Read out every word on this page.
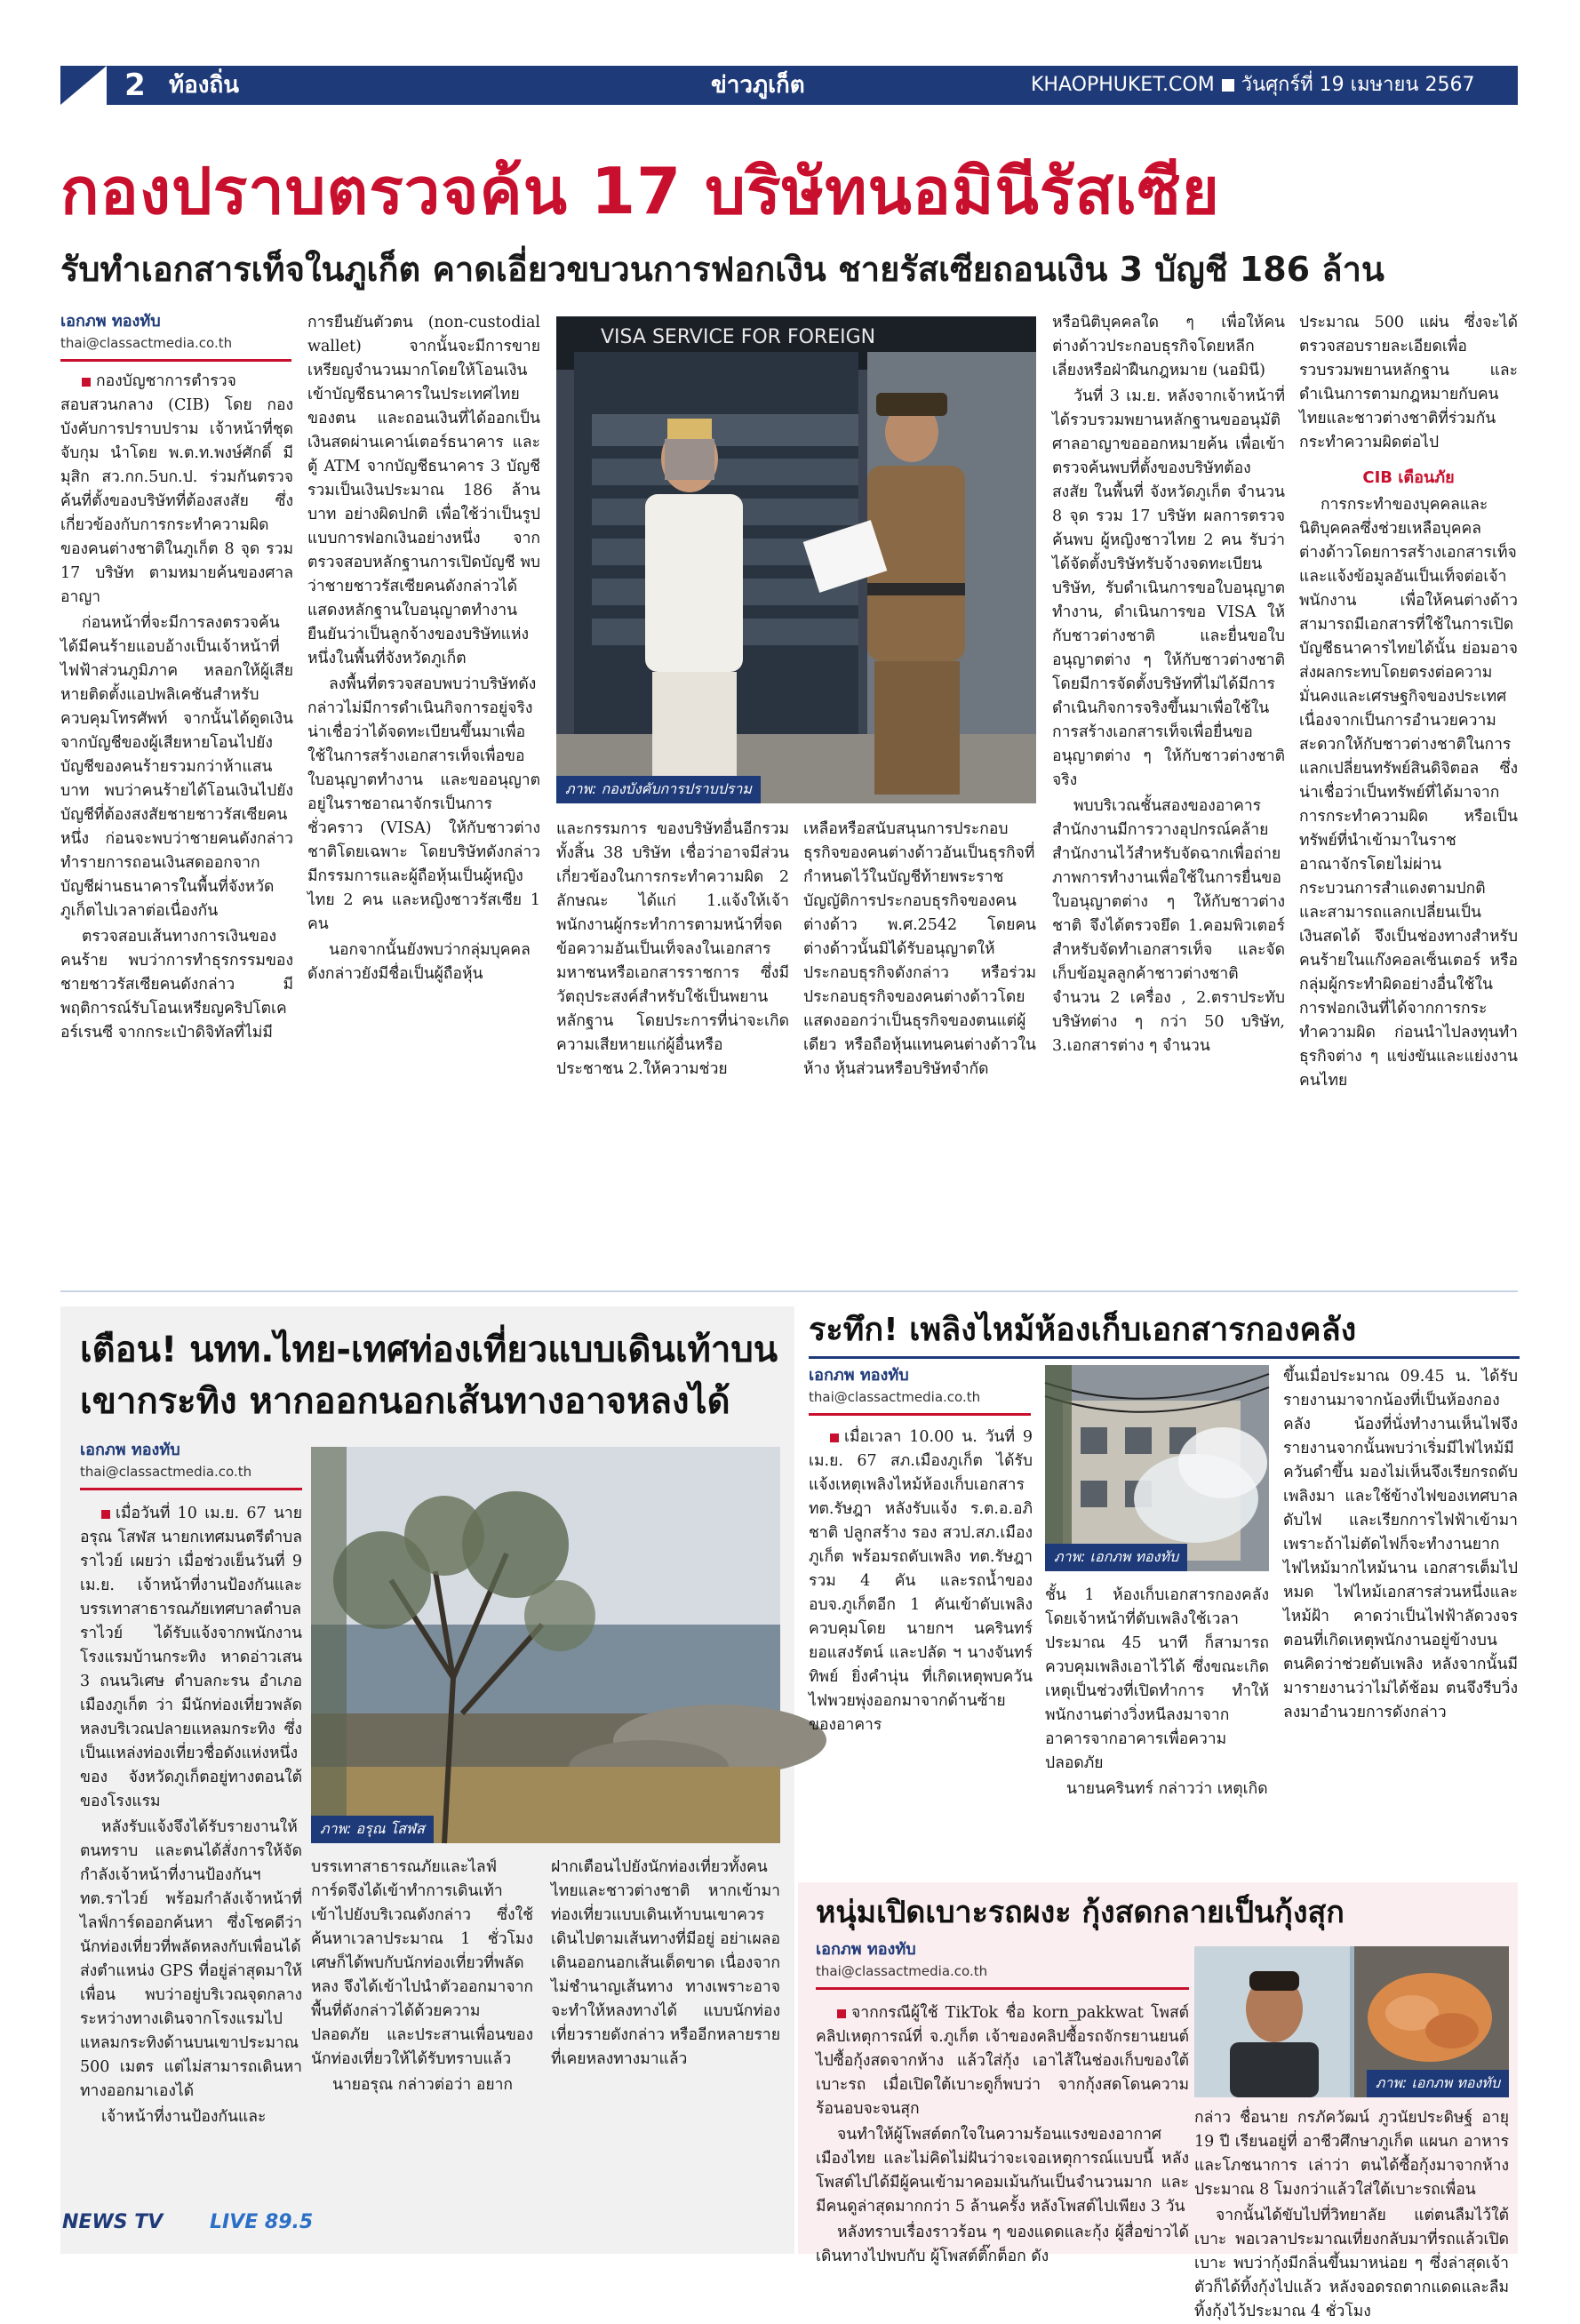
2	ท้องถิ่น	ข่าวภูเก็ต	KHAOPHUKET.COM วันศุกร์ที่ 19 เมษายน 2567
กองปราบตรวจค้น 17 บริษัทนอมินีรัสเซีย
รับทำเอกสารเท็จในภูเก็ต คาดเอี่ยวขบวนการฟอกเงิน ชายรัสเซียถอนเงิน 3 บัญชี 186 ล้าน
เอกภพ ทองทับ
thai@classactmedia.co.th

กองบัญชาการตำรวจสอบสวนกลาง (CIB) โดย กองบังคับการปราบปราม เจ้าหน้าที่ชุดจับกุม นำโดย พ.ต.ท.พงษ์ศักดิ์ มีมุสิก สว.กก.5บก.ป. ร่วมกันตรวจค้นที่ตั้งของบริษัทที่ต้องสงสัย ซึ่งเกี่ยวข้องกับการกระทำความผิดของคนต่างชาติในภูเก็ต 8 จุด รวม 17 บริษัท ตามหมายค้นของศาลอาญา

ก่อนหน้าที่จะมีการลงตรวจค้น ได้มีคนร้ายแอบอ้างเป็นเจ้าหน้าที่ไฟฟ้าส่วนภูมิภาค หลอกให้ผู้เสียหายติดตั้งแอปพลิเคชันสำหรับควบคุมโทรศัพท์ จากนั้นได้ดูดเงินจากบัญชีของผู้เสียหายโอนไปยังบัญชีของคนร้ายรวมกว่าห้าแสนบาท พบว่าคนร้ายได้โอนเงินไปยังบัญชีที่ต้องสงสัยชายชาวรัสเซียคนหนึ่ง ก่อนจะพบว่าชายคนดังกล่าวทำรายการถอนเงินสดออกจากบัญชีผ่านธนาคารในพื้นที่จังหวัดภูเก็ตไปเวลาต่อเนื่องกัน

ตรวจสอบเส้นทางการเงินของคนร้าย พบว่าการทำธุรกรรมของชายชาวรัสเซียคนดังกล่าว มีพฤติการณ์รับโอนเหรียญคริปโตเคอร์เรนซี จากกระเป๋าดิจิทัลที่ไม่มี

การยืนยันตัวตน (non-custodial wallet) จากนั้นจะมีการขายเหรียญจำนวนมากโดยให้โอนเงินเข้าบัญชีธนาคารในประเทศไทยของตน และถอนเงินที่ได้ออกเป็นเงินสดผ่านเคาน์เตอร์ธนาคาร และตู้ ATM จากบัญชีธนาคาร 3 บัญชี รวมเป็นเงินประมาณ 186 ล้านบาท อย่างผิดปกติ เพื่อใช้ว่าเป็นรูปแบบการฟอกเงินอย่างหนึ่ง จากตรวจสอบหลักฐานการเปิดบัญชี พบว่าชายชาวรัสเซียคนดังกล่าวได้แสดงหลักฐานใบอนุญาตทำงานยืนยันว่าเป็นลูกจ้างของบริษัทแห่งหนึ่งในพื้นที่จังหวัดภูเก็ต

ลงพื้นที่ตรวจสอบพบว่าบริษัทดังกล่าวไม่มีการดำเนินกิจการอยู่จริง น่าเชื่อว่าได้จดทะเบียนขึ้นมาเพื่อใช้ในการสร้างเอกสารเท็จเพื่อขอใบอนุญาตทำงาน และขออนุญาตอยู่ในราชอาณาจักรเป็นการชั่วคราว (VISA) ให้กับชาวต่างชาติโดยเฉพาะ โดยบริษัทดังกล่าวมีกรรมการและผู้ถือหุ้นเป็นผู้หญิงไทย 2 คน และหญิงชาวรัสเซีย 1 คน

นอกจากนั้นยังพบว่ากลุ่มบุคคลดังกล่าวยังมีชื่อเป็นผู้ถือหุ้น

VISA SERVICE FOR FOREIGN
ภาพ: กองบังคับการปราบปราม

และกรรมการ ของบริษัทอื่นอีกรวม ทั้งสิ้น 38 บริษัท เชื่อว่าอาจมีส่วนเกี่ยวข้องในการกระทำความผิด 2 ลักษณะ ได้แก่ 1.แจ้งให้เจ้าพนักงานผู้กระทำการตามหน้าที่จดข้อความอันเป็นเท็จลงในเอกสารมหาชนหรือเอกสารราชการ ซึ่งมีวัตถุประสงค์สำหรับใช้เป็นพยานหลักฐาน โดยประการที่น่าจะเกิดความเสียหายแก่ผู้อื่นหรือประชาชน 2.ให้ความช่วย

เหลือหรือสนับสนุนการประกอบธุรกิจของคนต่างด้าวอันเป็นธุรกิจที่กำหนดไว้ในบัญชีท้ายพระราชบัญญัติการประกอบธุรกิจของคนต่างด้าว พ.ศ.2542 โดยคนต่างด้าวนั้นมิได้รับอนุญาตให้ประกอบธุรกิจดังกล่าว หรือร่วมประกอบธุรกิจของคนต่างด้าวโดยแสดงออกว่าเป็นธุรกิจของตนแต่ผู้เดียว หรือถือหุ้นแทนคนต่างด้าวในห้าง หุ้นส่วนหรือบริษัทจำกัด

หรือนิติบุคคลใด ๆ เพื่อให้คนต่างด้าวประกอบธุรกิจโดยหลีกเลี่ยงหรือฝ่าฝืนกฎหมาย (นอมินี)

วันที่ 3 เม.ย. หลังจากเจ้าหน้าที่ได้รวบรวมพยานหลักฐานขออนุมัติศาลอาญาขอออกหมายค้น เพื่อเข้าตรวจค้นพบที่ตั้งของบริษัทต้องสงสัย ในพื้นที่ จังหวัดภูเก็ต จำนวน 8 จุด รวม 17 บริษัท ผลการตรวจค้นพบ ผู้หญิงชาวไทย 2 คน รับว่าได้จัดตั้งบริษัทรับจ้างจดทะเบียนบริษัท, รับดำเนินการขอใบอนุญาตทำงาน, ดำเนินการขอ VISA ให้กับชาวต่างชาติ และยื่นขอใบอนุญาตต่าง ๆ ให้กับชาวต่างชาติ โดยมีการจัดตั้งบริษัทที่ไม่ได้มีการดำเนินกิจการจริงขึ้นมาเพื่อใช้ในการสร้างเอกสารเท็จเพื่อยื่นขออนุญาตต่าง ๆ ให้กับชาวต่างชาติจริง

พบบริเวณชั้นสองของอาคาร สำนักงานมีการวางอุปกรณ์คล้ายสำนักงานไว้สำหรับจัดฉากเพื่อถ่ายภาพการทำงานเพื่อใช้ในการยื่นขอใบอนุญาตต่าง ๆ ให้กับชาวต่างชาติ จึงได้ตรวจยึด 1.คอมพิวเตอร์สำหรับจัดทำเอกสารเท็จ และจัดเก็บข้อมูลลูกค้าชาวต่างชาติ จำนวน 2 เครื่อง , 2.ตราประทับบริษัทต่าง ๆ กว่า 50 บริษัท, 3.เอกสารต่าง ๆ จำนวน

ประมาณ 500 แผ่น ซึ่งจะได้ตรวจสอบรายละเอียดเพื่อรวบรวมพยานหลักฐาน และดำเนินการตามกฎหมายกับคนไทยและชาวต่างชาติที่ร่วมกันกระทำความผิดต่อไป

CIB เตือนภัย

การกระทำของบุคคลและนิติบุคคลซึ่งช่วยเหลือบุคคลต่างด้าวโดยการสร้างเอกสารเท็จ และแจ้งข้อมูลอันเป็นเท็จต่อเจ้าพนักงาน เพื่อให้คนต่างด้าวสามารถมีเอกสารที่ใช้ในการเปิดบัญชีธนาคารไทยได้นั้น ย่อมอาจส่งผลกระทบโดยตรงต่อความมั่นคงและเศรษฐกิจของประเทศ เนื่องจากเป็นการอำนวยความสะดวกให้กับชาวต่างชาติในการแลกเปลี่ยนทรัพย์สินดิจิตอล ซึ่งน่าเชื่อว่าเป็นทรัพย์ที่ได้มาจากการกระทำความผิด หรือเป็นทรัพย์ที่นำเข้ามาในราชอาณาจักรโดยไม่ผ่านกระบวนการสำแดงตามปกติ และสามารถแลกเปลี่ยนเป็นเงินสดได้ จึงเป็นช่องทางสำหรับคนร้ายในแก๊งคอลเซ็นเตอร์ หรือกลุ่มผู้กระทำผิดอย่างอื่นใช้ในการฟอกเงินที่ได้จากการกระทำความผิด ก่อนนำไปลงทุนทำธุรกิจต่าง ๆ แข่งขันและแย่งงานคนไทย

เตือน! นทท.ไทย-เทศท่องเที่ยวแบบเดินเท้าบนเขากระทิง หากออกนอกเส้นทางอาจหลงได้
เอกภพ ทองทับ
thai@classactmedia.co.th

เมื่อวันที่ 10 เม.ย. 67 นายอรุณ โสฬส นายกเทศมนตรีตำบลราไวย์ เผยว่า เมื่อช่วงเย็นวันที่ 9 เม.ย. เจ้าหน้าที่งานป้องกันและบรรเทาสาธารณภัยเทศบาลตำบลราไวย์ ได้รับแจ้งจากพนักงานโรงแรมบ้านกระทิง หาดอ่าวเสน 3 ถนนวิเศษ ตำบลกะรน อำเภอเมืองภูเก็ต ว่า มีนักท่องเที่ยวพลัดหลงบริเวณปลายแหลมกระทิง ซึ่งเป็นแหล่งท่องเที่ยวชื่อดังแห่งหนึ่งของ จังหวัดภูเก็ตอยู่ทางตอนใต้ของโรงแรม

หลังรับแจ้งจึงได้รับรายงานให้ตนทราบ และตนได้สั่งการให้จัดกำลังเจ้าหน้าที่งานป้องกันฯ ทต.ราไวย์ พร้อมกำลังเจ้าหน้าที่ไลฟ์การ์ดออกค้นหา ซึ่งโชคดีว่านักท่องเที่ยวที่พลัดหลงกับเพื่อนได้ส่งตำแหน่ง GPS ที่อยู่ล่าสุดมาให้เพื่อน พบว่าอยู่บริเวณจุดกลางระหว่างทางเดินจากโรงแรมไปแหลมกระทิงด้านบนเขาประมาณ 500 เมตร แต่ไม่สามารถเดินหาทางออกมาเองได้

เจ้าหน้าที่งานป้องกันและ

ภาพ: อรุณ โสฬส

บรรเทาสาธารณภัยและไลฟ์การ์ดจึงได้เข้าทำการเดินเท้าเข้าไปยังบริเวณดังกล่าว ซึ่งใช้ค้นหาเวลาประมาณ 1 ชั่วโมงเศษก็ได้พบกับนักท่องเที่ยวที่พลัดหลง จึงได้เข้าไปนำตัวออกมาจากพื้นที่ดังกล่าวได้ด้วยความปลอดภัย และประสานเพื่อนของนักท่องเที่ยวให้ได้รับทราบแล้ว

นายอรุณ กล่าวต่อว่า อยาก

ฝากเตือนไปยังนักท่องเที่ยวทั้งคนไทยและชาวต่างชาติ หากเข้ามาท่องเที่ยวแบบเดินเท้าบนเขาควรเดินไปตามเส้นทางที่มีอยู่ อย่าเผลอเดินออกนอกเส้นเด็ดขาด เนื่องจากไม่ชำนาญเส้นทาง ทางเพราะอาจจะทำให้หลงทางได้ แบบนักท่องเที่ยวรายดังกล่าว หรืออีกหลายรายที่เคยหลงทางมาแล้ว

ระทึก! เพลิงไหม้ห้องเก็บเอกสารกองคลัง
เอกภพ ทองทับ
thai@classactmedia.co.th
ภาพ: เอกภพ ทองทับ

เมื่อเวลา 10.00 น. วันที่ 9 เม.ย. 67 สภ.เมืองภูเก็ต ได้รับแจ้งเหตุเพลิงไหม้ห้องเก็บเอกสาร ทต.รัษฎา หลังรับแจ้ง ร.ต.อ.อภิชาติ ปลูกสร้าง รอง สวป.สภ.เมืองภูเก็ต พร้อมรถดับเพลิง ทต.รัษฎา รวม 4 คัน และรถน้ำของ อบจ.ภูเก็ตอีก 1 คันเข้าดับเพลิง ควบคุมโดย นายกฯ นครินทร์ ยอแสงรัตน์ และปลัด ฯ นางจันทร์ทิพย์ ยิ่งคำนุ่น ที่เกิดเหตุพบควันไฟพวยพุ่งออกมาจากด้านซ้ายของอาคาร

ชั้น 1 ห้องเก็บเอกสารกองคลัง โดยเจ้าหน้าที่ดับเพลิงใช้เวลาประมาณ 45 นาที ก็สามารถควบคุมเพลิงเอาไว้ได้ ซึ่งขณะเกิดเหตุเป็นช่วงที่เปิดทำการ ทำให้พนักงานต่างวิ่งหนีลงมาจากอาคารจากอาคารเพื่อความปลอดภัย

นายนครินทร์ กล่าวว่า เหตุเกิด

ขึ้นเมื่อประมาณ 09.45 น. ได้รับรายงานมาจากน้องที่เป็นห้องกองคลัง น้องที่นั่งทำงานเห็นไฟจึงรายงานจากนั้นพบว่าเริ่มมีไฟไหม้มีควันดำขึ้น มองไม่เห็นจึงเรียกรถดับเพลิงมา และใช้ข้างไฟของเทศบาลดับไฟ และเรียกการไฟฟ้าเข้ามา เพราะถ้าไม่ตัดไฟก็จะทำงานยาก ไฟไหม้มากไหม้นาน เอกสารเต็มไปหมด ไฟไหม้เอกสารส่วนหนึ่งและไหม้ฝ้า คาดว่าเป็นไฟฟ้าลัดวงจร ตอนที่เกิดเหตุพนักงานอยู่ข้างบน ตนคิดว่าช่วยดับเพลิง หลังจากนั้นมีมารายงานว่าไม่ได้ช้อม ตนจึงรีบวิ่งลงมาอำนวยการดังกล่าว

หนุ่มเปิดเบาะรถผงะ กุ้งสดกลายเป็นกุ้งสุก
เอกภพ ทองทับ
thai@classactmedia.co.th
ภาพ: เอกภพ ทองทับ

จากกรณีผู้ใช้ TikTok ชื่อ korn_pakkwat โพสต์คลิปเหตุการณ์ที่ จ.ภูเก็ต เจ้าของคลิปซื้อรถจักรยานยนต์ไปซื้อกุ้งสดจากห้าง แล้วใส่กุ้ง เอาไส้ในช่องเก็บของใต้เบาะรถ เมื่อเปิดใต้เบาะดูก็พบว่า จากกุ้งสดโดนความร้อนอบจะจนสุก

จนทำให้ผู้โพสต์ตกใจในความร้อนแรงของอากาศเมืองไทย และไม่คิดไม่ฝันว่าจะเจอเหตุการณ์แบบนี้ หลังโพสต์ไปได้มีผู้คนเข้ามาคอมเม้นกันเป็นจำนวนมาก และมีคนดูล่าสุดมากกว่า 5 ล้านครั้ง หลังโพสต์ไปเพียง 3 วัน

หลังทราบเรื่องราวร้อน ๆ ของแดดและกุ้ง ผู้สื่อข่าวได้เดินทางไปพบกับ ผู้โพสต์ติ๊กต็อก ดัง

กล่าว ชื่อนาย กรภัควัฒน์ ภูวนัยประดิษฐ์ อายุ 19 ปี เรียนอยู่ที่ อาชีวศึกษาภูเก็ต แผนก อาหารและโภชนาการ เล่าว่า ตนได้ซื้อกุ้งมาจากห้างประมาณ 8 โมงกว่าแล้วใส่ใต้เบาะรถเพื่อน

จากนั้นได้ขับไปที่วิทยาลัย แต่ตนลืมไว้ใต้เบาะ พอเวลาประมาณเที่ยงกลับมาที่รถแล้วเปิดเบาะ พบว่ากุ้งมีกลิ่นขึ้นมาหน่อย ๆ ซึ่งล่าสุดเจ้าตัวก็ได้ทิ้งกุ้งไปแล้ว หลังจอดรถตากแดดและลืมทิ้งกุ้งไว้ประมาณ 4 ชั่วโมง

NEWS TV LIVE 89.5
